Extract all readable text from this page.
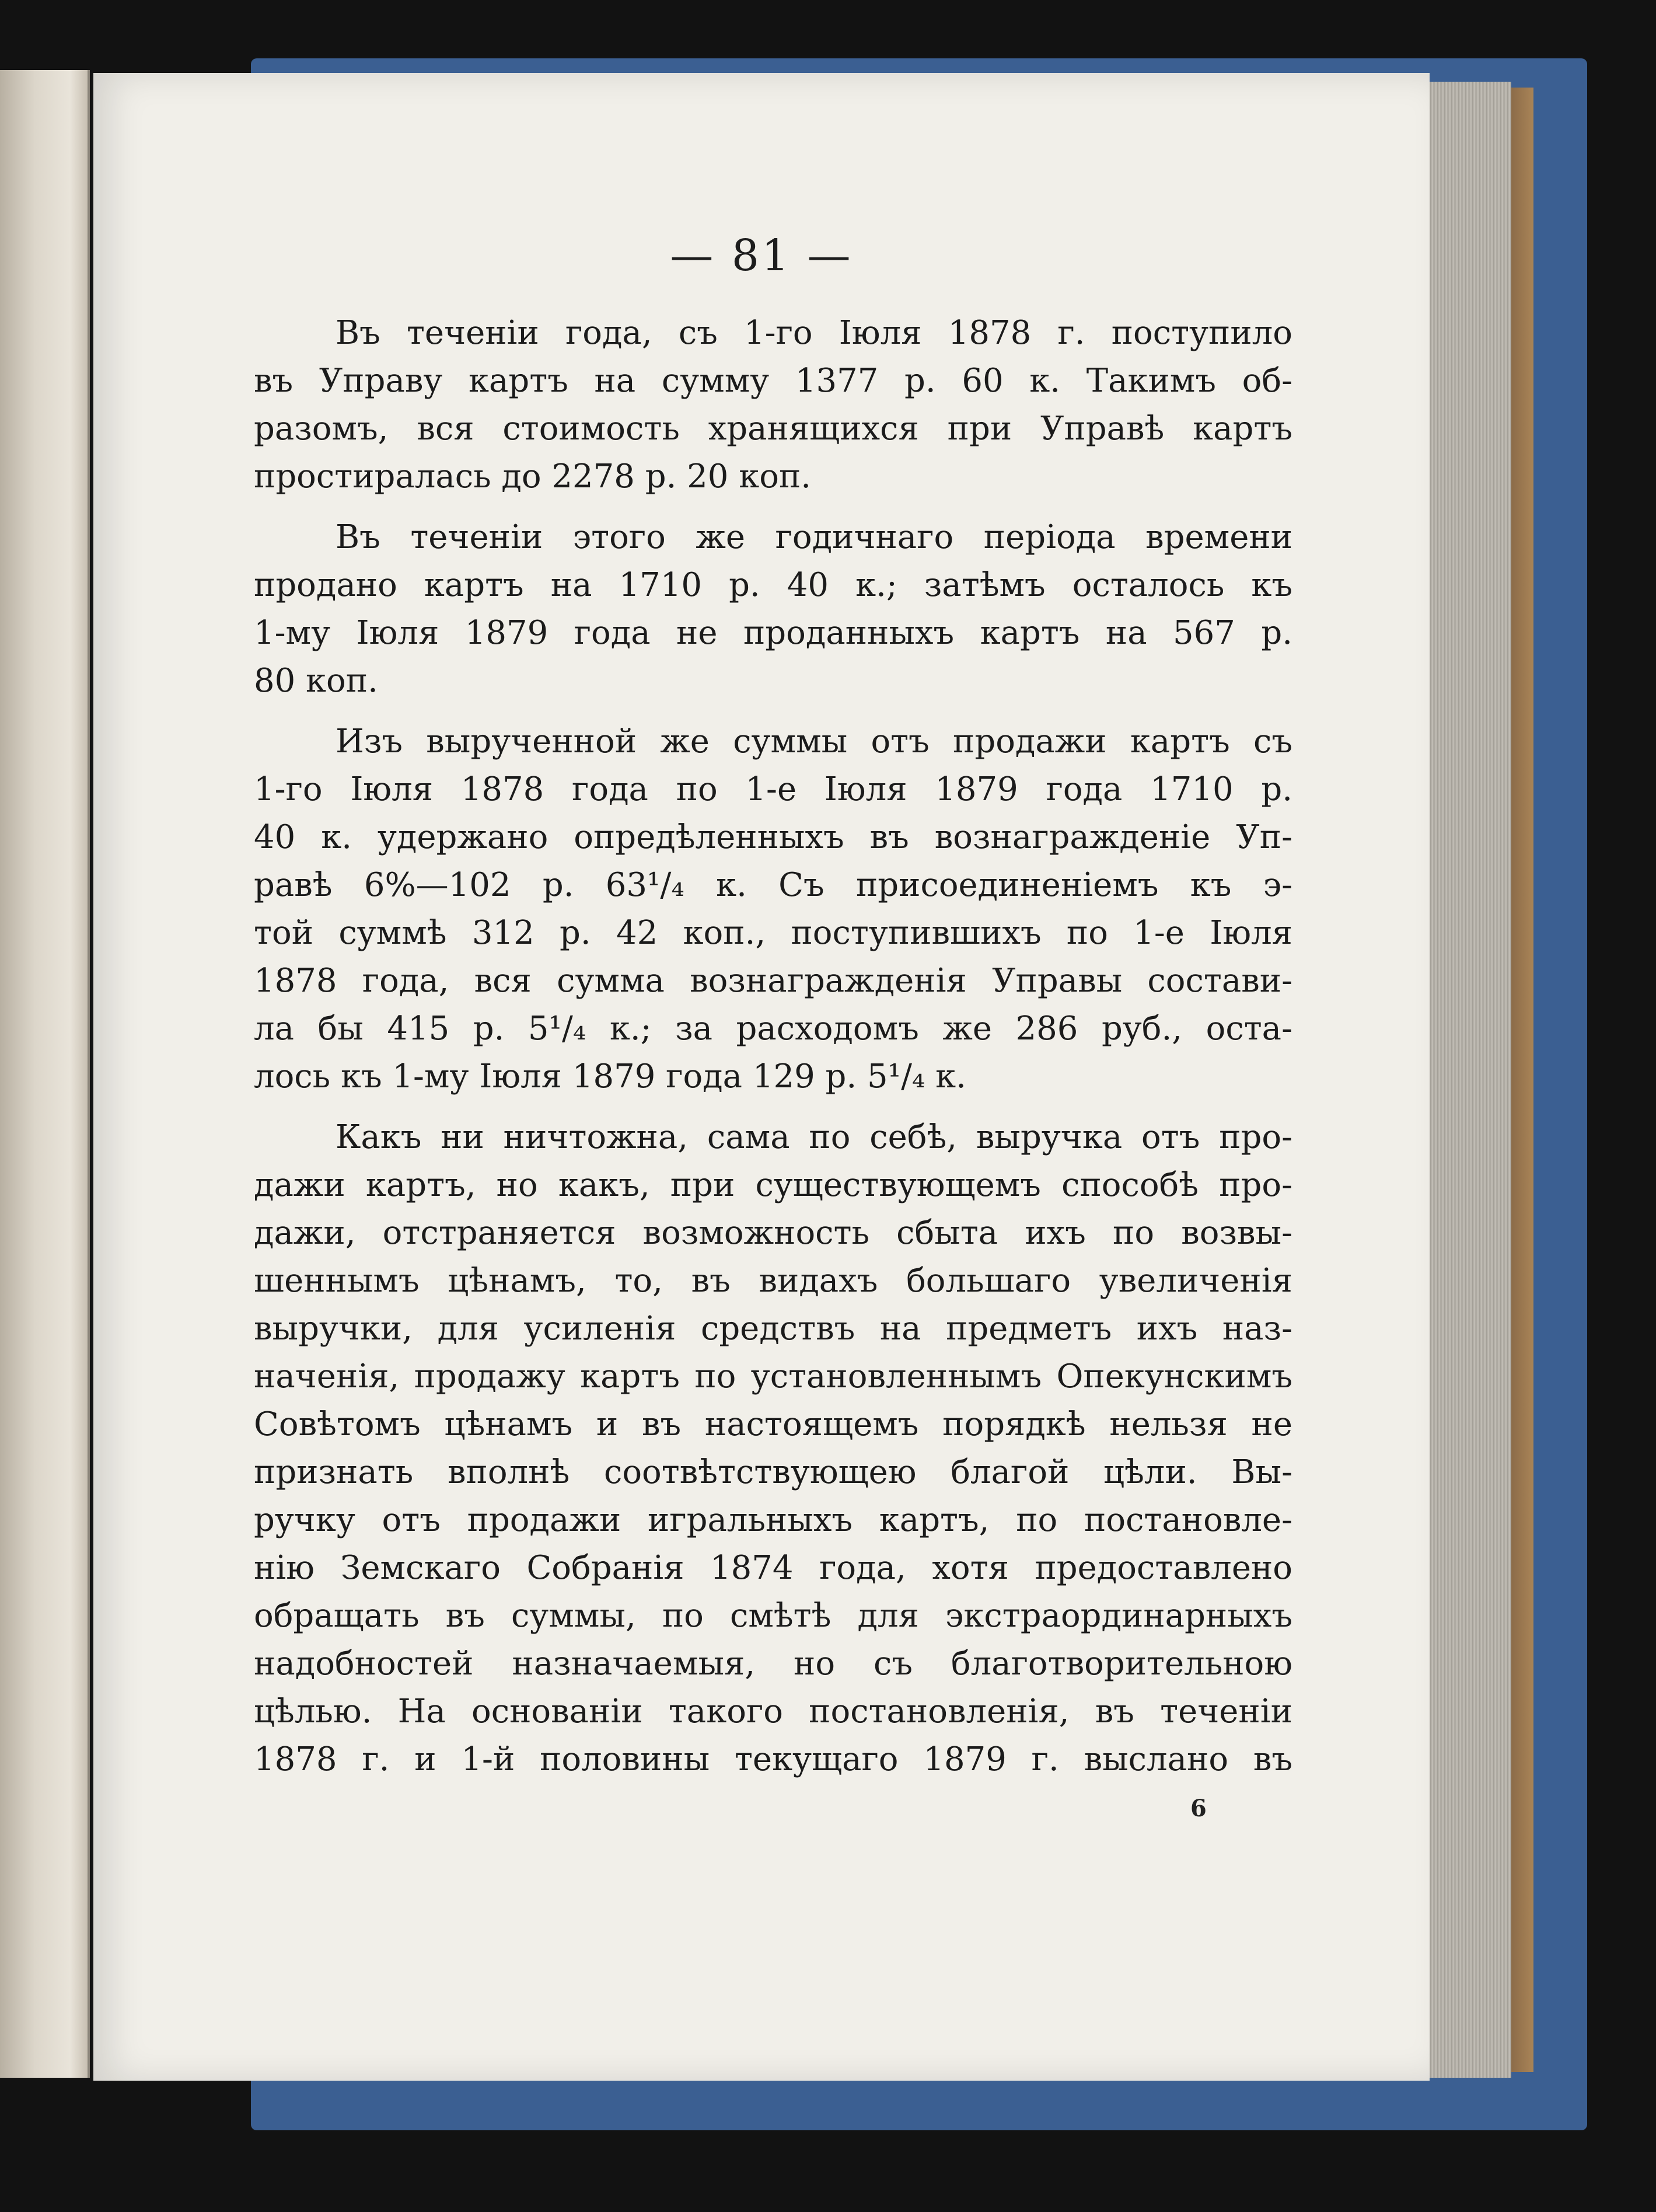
— 81 —
Въ теченіи года, съ 1-го Іюля 1878 г. поступило
въ Управу картъ на сумму 1377 р. 60 к. Такимъ об-
разомъ, вся стоимость хранящихся при Управѣ картъ
простиралась до 2278 р. 20 коп.
Въ теченіи этого же годичнаго періода времени
продано картъ на 1710 р. 40 к.; затѣмъ осталось къ
1-му Іюля 1879 года не проданныхъ картъ на 567 р.
80 коп.
Изъ вырученной же суммы отъ продажи картъ съ
1-го Іюля 1878 года по 1-е Іюля 1879 года 1710 р.
40 к. удержано опредѣленныхъ въ вознагражденіе Уп-
равѣ 6%—102 р. 63¹/₄ к. Съ присоединеніемъ къ э-
той суммѣ 312 р. 42 коп., поступившихъ по 1-е Іюля
1878 года, вся сумма вознагражденія Управы состави-
ла бы 415 р. 5¹/₄ к.; за расходомъ же 286 руб., оста-
лось къ 1-му Іюля 1879 года 129 р. 5¹/₄ к.
Какъ ни ничтожна, сама по себѣ, выручка отъ про-
дажи картъ, но какъ, при существующемъ способѣ про-
дажи, отстраняется возможность сбыта ихъ по возвы-
шеннымъ цѣнамъ, то, въ видахъ большаго увеличенія
выручки, для усиленія средствъ на предметъ ихъ наз-
наченія, продажу картъ по установленнымъ Опекунскимъ
Совѣтомъ цѣнамъ и въ настоящемъ порядкѣ нельзя не
признать вполнѣ соотвѣтствующею благой цѣли. Вы-
ручку отъ продажи игральныхъ картъ, по постановле-
нію Земскаго Собранія 1874 года, хотя предоставлено
обращать въ суммы, по смѣтѣ для экстраординарныхъ
надобностей назначаемыя, но съ благотворительною
цѣлью. На основаніи такого постановленія, въ теченіи
1878 г. и 1-й половины текущаго 1879 г. выслано въ
6
